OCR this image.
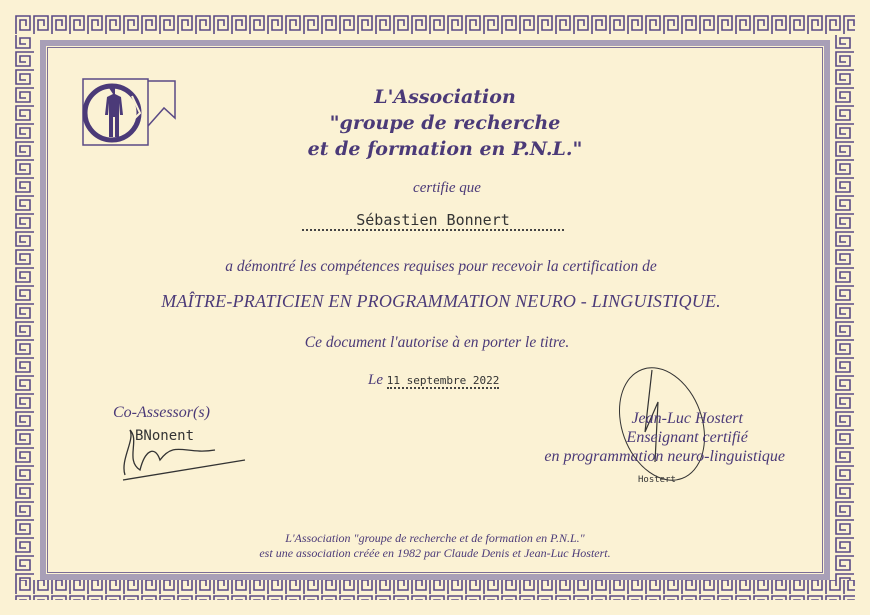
L'Association
"groupe de recherche
et de formation en P.N.L."
certifie que
Sébastien Bonnert
a démontré les compétences requises pour recevoir la certification de
MAÎTRE-PRATICIEN EN PROGRAMMATION NEURO - LINGUISTIQUE.
Ce document l'autorise à en porter le titre.
Le 11 septembre 2022
Co-Assessor(s)
BNonent
Hostert
Jean-Luc Hostert
Enseignant certifié
en programmation neuro-linguistique
L'Association "groupe de recherche et de formation en P.N.L."
est une association créée en 1982 par Claude Denis et Jean-Luc Hostert.
